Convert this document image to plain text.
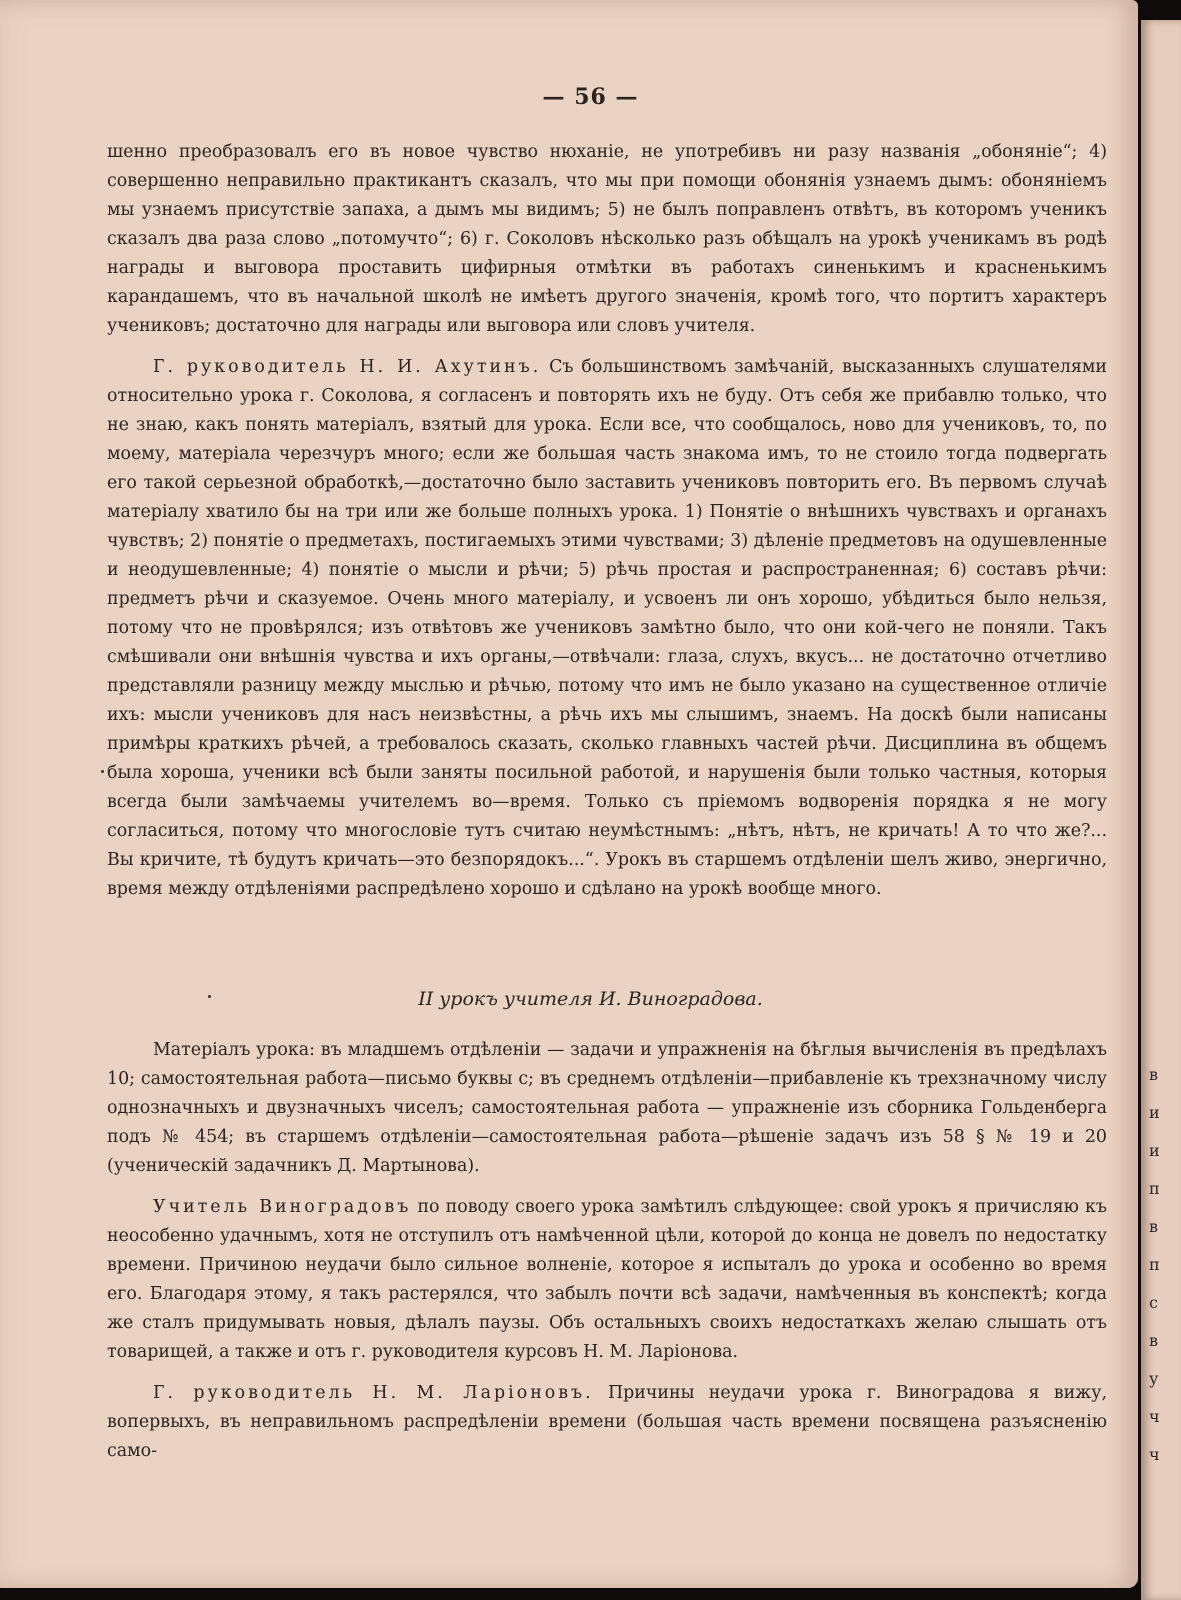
в
и
и
п
в
п
с
в
у
ч
ч
— 56 —

шенно преобразовалъ его въ новое чувство нюханіе, не употребивъ ни разу названія „обоняніе“; 4) совершенно неправильно практикантъ сказалъ, что мы при помощи обонянія узнаемъ дымъ: обоняніемъ мы узнаемъ присутствіе запаха, а дымъ мы видимъ; 5) не былъ поправленъ отвѣтъ, въ которомъ ученикъ сказалъ два раза слово „потомучто“; 6) г. Соколовъ нѣсколько разъ обѣщалъ на урокѣ ученикамъ въ родѣ награды и выговора проставить цифирныя отмѣтки въ работахъ синенькимъ и красненькимъ карандашемъ, что въ начальной школѣ не имѣетъ другого значенія, кромѣ того, что портитъ характеръ учениковъ; достаточно для награды или выговора или словъ учителя.

Г. руководитель Н. И. Ахутинъ. Съ большинствомъ замѣчаній, высказанныхъ слушателями относительно урока г. Соколова, я согласенъ и повторять ихъ не буду. Отъ себя же прибавлю только, что не знаю, какъ понять матеріалъ, взятый для урока. Если все, что сообщалось, ново для учениковъ, то, по моему, матеріала черезчуръ много; если же большая часть знакома имъ, то не стоило тогда подвергать его такой серьезной обработкѣ,—достаточно было заставить учениковъ повторить его. Въ первомъ случаѣ матеріалу хватило бы на три или же больше полныхъ урока. 1) Понятіе о внѣшнихъ чувствахъ и органахъ чувствъ; 2) понятіе о предметахъ, постигаемыхъ этими чувствами; 3) дѣленіе предметовъ на одушевленные и неодушевленные; 4) понятіе о мысли и рѣчи; 5) рѣчь простая и распространенная; 6) составъ рѣчи: предметъ рѣчи и сказуемое. Очень много матеріалу, и усвоенъ ли онъ хорошо, убѣдиться было нельзя, потому что не провѣрялся; изъ отвѣтовъ же учениковъ замѣтно было, что они кой-чего не поняли. Такъ смѣшивали они внѣшнія чувства и ихъ органы,—отвѣчали: глаза, слухъ, вкусъ... не достаточно отчетливо представляли разницу между мыслью и рѣчью, потому что имъ не было указано на существенное отличіе ихъ: мысли учениковъ для насъ неизвѣстны, а рѣчь ихъ мы слышимъ, знаемъ. На доскѣ были написаны примѣры краткихъ рѣчей, а требовалось сказать, сколько главныхъ частей рѣчи. Дисциплина въ общемъ была хороша, ученики всѣ были заняты посильной работой, и нарушенія были только частныя, которыя всегда были замѣчаемы учителемъ во—время. Только съ пріемомъ водворенія порядка я не могу согласиться, потому что многословіе тутъ считаю неумѣстнымъ: „нѣтъ, нѣтъ, не кричать! А то что же?... Вы кричите, тѣ будутъ кричать—это безпорядокъ...“. Урокъ въ старшемъ отдѣленіи шелъ живо, энергично, время между отдѣленіями распредѣлено хорошо и сдѣлано на урокѣ вообще много.

II урокъ учителя И. Виноградова.

Матеріалъ урока: въ младшемъ отдѣленіи — задачи и упражненія на бѣглыя вычисленія въ предѣлахъ 10; самостоятельная работа—письмо буквы с; въ среднемъ отдѣленіи—прибавленіе къ трехзначному числу однозначныхъ и двузначныхъ чиселъ; самостоятельная работа — упражненіе изъ сборника Гольденберга подъ № 454; въ старшемъ отдѣленіи—самостоятельная работа—рѣшеніе задачъ изъ 58 § № 19 и 20 (ученическій задачникъ Д. Мартынова).

Учитель Виноградовъ по поводу своего урока замѣтилъ слѣдующее: свой урокъ я причисляю къ неособенно удачнымъ, хотя не отступилъ отъ намѣченной цѣли, которой до конца не довелъ по недостатку времени. Причиною неудачи было сильное волненіе, которое я испыталъ до урока и особенно во время его. Благодаря этому, я такъ растерялся, что забылъ почти всѣ задачи, намѣченныя въ конспектѣ; когда же сталъ придумывать новыя, дѣлалъ паузы. Объ остальныхъ своихъ недостаткахъ желаю слышать отъ товарищей, а также и отъ г. руководителя курсовъ Н. М. Ларіонова.

Г. руководитель Н. М. Ларіоновъ. Причины неудачи урока г. Виноградова я вижу, вопервыхъ, въ неправильномъ распредѣленіи времени (большая часть времени посвящена разъясненію само-
